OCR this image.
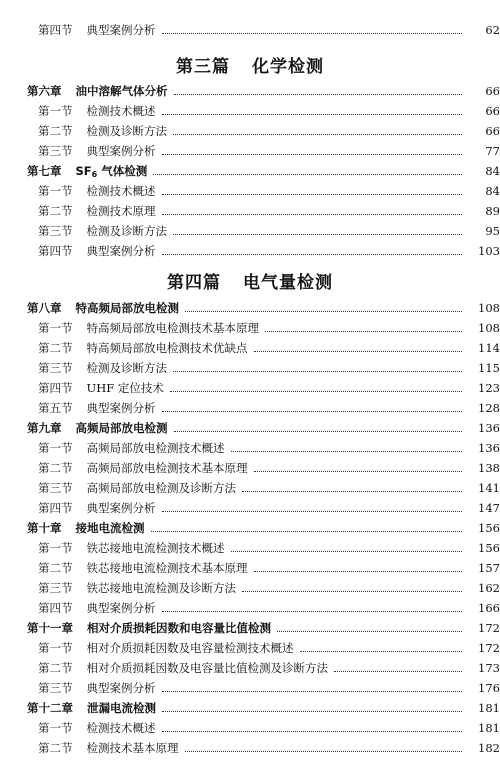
第四节 典型案例分析	62
第三篇 化学检测
第六章 油中溶解气体分析	66
第一节 检测技术概述	66
第二节 检测及诊断方法	66
第三节 典型案例分析	77
第七章 $SF_6$ 气体检测	84
第一节 检测技术概述	84
第二节 检测技术原理	89
第三节 检测及诊断方法	95
第四节 典型案例分析	103
第四篇 电气量检测
第八章 特高频局部放电检测	108
第一节 特高频局部放电检测技术基本原理	108
第二节 特高频局部放电检测技术优缺点	114
第三节 检测及诊断方法	115
第四节 UHF 定位技术	123
第五节 典型案例分析	128
第九章 高频局部放电检测	136
第一节 高频局部放电检测技术概述	136
第二节 高频局部放电检测技术基本原理	138
第三节 高频局部放电检测及诊断方法	141
第四节 典型案例分析	147
第十章 接地电流检测	156
第一节 铁芯接地电流检测技术概述	156
第二节 铁芯接地电流检测技术基本原理	157
第三节 铁芯接地电流检测及诊断方法	162
第四节 典型案例分析	166
第十一章 相对介质损耗因数和电容量比值检测	172
第一节 相对介质损耗因数及电容量检测技术概述	172
第二节 相对介质损耗因数及电容量比值检测及诊断方法	173
第三节 典型案例分析	176
第十二章 泄漏电流检测	181
第一节 检测技术概述	181
第二节 检测技术基本原理	182
